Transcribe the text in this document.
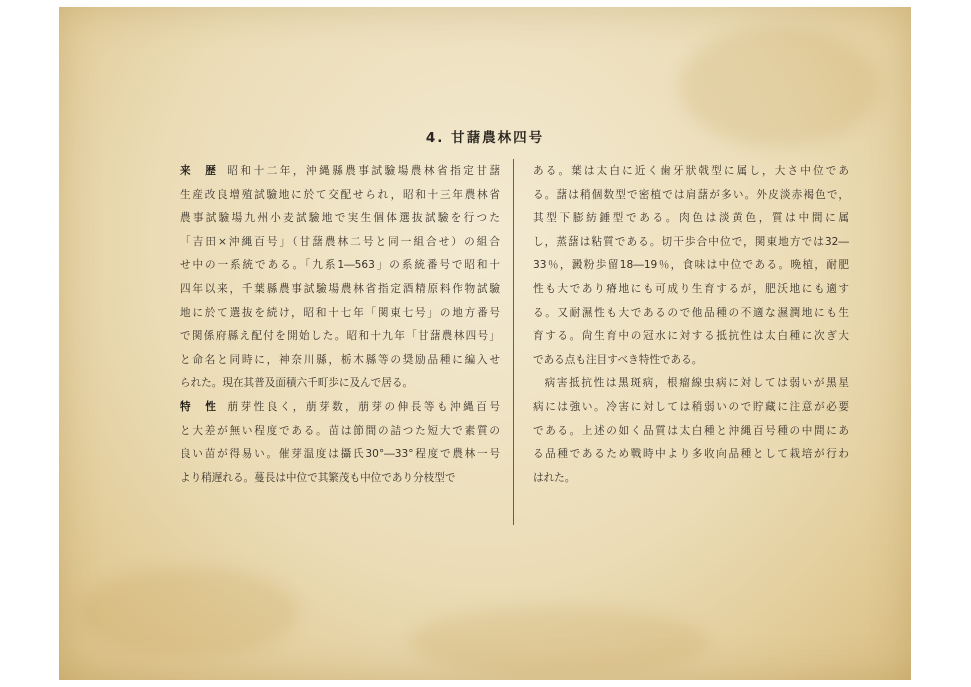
4. 甘藷農林四号
来 歴 昭和十二年，沖縄縣農事試驗場農林省指定甘藷
生産改良增殖試驗地に於て交配せられ，昭和十三年農林省
農事試驗場九州小麦試驗地で実生個体選抜試驗を行つた
「吉田×沖縄百号」（甘藷農林二号と同一組合せ）の組合
せ中の一系統である。「九系1―563」の系統番号で昭和十
四年以来，千葉縣農事試驗場農林省指定酒精原料作物試驗
地に於て選抜を続け，昭和十七年「関東七号」の地方番号
で関係府縣え配付を開始した。昭和十九年「甘藷農林四号」
と命名と同時に，神奈川縣，栃木縣等の奨励品種に編入せ
られた。現在其普及面積六千町歩に及んで居る。
特 性 萠芽性良く，萠芽数，萠芽の伸長等も沖縄百号
と大差が無い程度である。苗は節間の詰つた短大で素質の
良い苗が得易い。催芽温度は攝氏30°―33°程度で農林一号
より稍遅れる。蔓長は中位で其繁茂も中位であり分枝型で
ある。葉は太白に近く歯牙狀戟型に属し，大さ中位であ
る。藷は稍個数型で密植では肩藷が多い。外皮淡赤褐色で，
其型下膨紡錘型である。肉色は淡黄色，質は中間に属
し，蒸藷は粘質である。切干歩合中位で，関東地方では32―
33％，澱粉歩留18―19％，食味は中位である。晩植，耐肥
性も大であり瘠地にも可成り生育するが，肥沃地にも適す
る。又耐濕性も大であるので他品種の不適な濕潤地にも生
育する。尙生育中の冠水に対する抵抗性は太白種に次ぎ大
である点も注目すべき特性である。
病害抵抗性は黑斑病，根瘤線虫病に対しては弱いが黑星
病には強い。冷害に対しては稍弱いので貯藏に注意が必要
である。上述の如く品質は太白種と沖縄百号種の中間にあ
る品種であるため戰時中より多收向品種として栽培が行わ
はれた。
